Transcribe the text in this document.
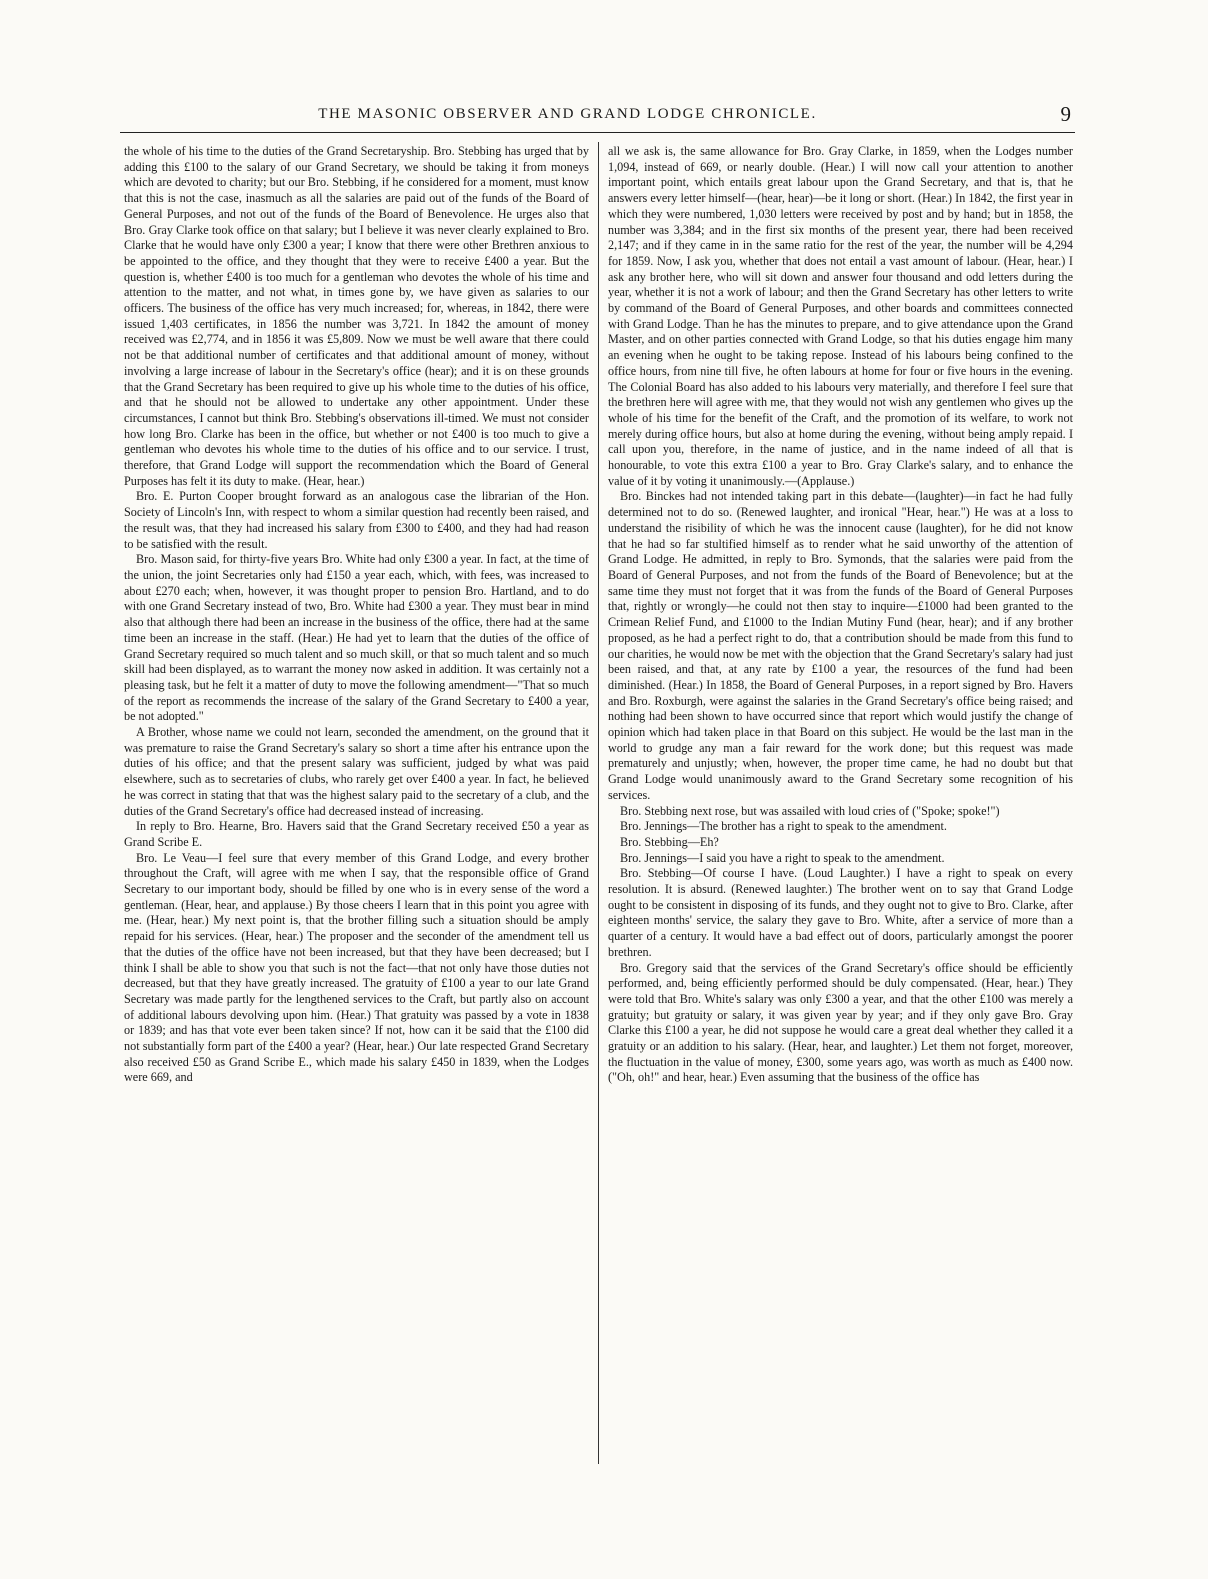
THE MASONIC OBSERVER AND GRAND LODGE CHRONICLE.	9

the whole of his time to the duties of the Grand Secretaryship. Bro. Stebbing has urged that by adding this £100 to the salary of our Grand Secretary, we should be taking it from moneys which are devoted to charity; but our Bro. Stebbing, if he considered for a moment, must know that this is not the case, inasmuch as all the salaries are paid out of the funds of the Board of General Purposes, and not out of the funds of the Board of Benevolence. He urges also that Bro. Gray Clarke took office on that salary; but I believe it was never clearly explained to Bro. Clarke that he would have only £300 a year; I know that there were other Brethren anxious to be appointed to the office, and they thought that they were to receive £400 a year. But the question is, whether £400 is too much for a gentleman who devotes the whole of his time and attention to the matter, and not what, in times gone by, we have given as salaries to our officers. The business of the office has very much increased; for, whereas, in 1842, there were issued 1,403 certificates, in 1856 the number was 3,721. In 1842 the amount of money received was £2,774, and in 1856 it was £5,809. Now we must be well aware that there could not be that additional number of certificates and that additional amount of money, without involving a large increase of labour in the Secretary's office (hear); and it is on these grounds that the Grand Secretary has been required to give up his whole time to the duties of his office, and that he should not be allowed to undertake any other appointment. Under these circumstances, I cannot but think Bro. Stebbing's observations ill-timed. We must not consider how long Bro. Clarke has been in the office, but whether or not £400 is too much to give a gentleman who devotes his whole time to the duties of his office and to our service. I trust, therefore, that Grand Lodge will support the recommendation which the Board of General Purposes has felt it its duty to make. (Hear, hear.)

Bro. E. Purton Cooper brought forward as an analogous case the librarian of the Hon. Society of Lincoln's Inn, with respect to whom a similar question had recently been raised, and the result was, that they had increased his salary from £300 to £400, and they had had reason to be satisfied with the result.

Bro. Mason said, for thirty-five years Bro. White had only £300 a year. In fact, at the time of the union, the joint Secretaries only had £150 a year each, which, with fees, was increased to about £270 each; when, however, it was thought proper to pension Bro. Hartland, and to do with one Grand Secretary instead of two, Bro. White had £300 a year. They must bear in mind also that although there had been an increase in the business of the office, there had at the same time been an increase in the staff. (Hear.) He had yet to learn that the duties of the office of Grand Secretary required so much talent and so much skill, or that so much talent and so much skill had been displayed, as to warrant the money now asked in addition. It was certainly not a pleasing task, but he felt it a matter of duty to move the following amendment—"That so much of the report as recommends the increase of the salary of the Grand Secretary to £400 a year, be not adopted."

A Brother, whose name we could not learn, seconded the amendment, on the ground that it was premature to raise the Grand Secretary's salary so short a time after his entrance upon the duties of his office; and that the present salary was sufficient, judged by what was paid elsewhere, such as to secretaries of clubs, who rarely get over £400 a year. In fact, he believed he was correct in stating that that was the highest salary paid to the secretary of a club, and the duties of the Grand Secretary's office had decreased instead of increasing.

In reply to Bro. Hearne, Bro. Havers said that the Grand Secretary received £50 a year as Grand Scribe E.

Bro. Le Veau—I feel sure that every member of this Grand Lodge, and every brother throughout the Craft, will agree with me when I say, that the responsible office of Grand Secretary to our important body, should be filled by one who is in every sense of the word a gentleman. (Hear, hear, and applause.) By those cheers I learn that in this point you agree with me. (Hear, hear.) My next point is, that the brother filling such a situation should be amply repaid for his services. (Hear, hear.) The proposer and the seconder of the amendment tell us that the duties of the office have not been increased, but that they have been decreased; but I think I shall be able to show you that such is not the fact—that not only have those duties not decreased, but that they have greatly increased. The gratuity of £100 a year to our late Grand Secretary was made partly for the lengthened services to the Craft, but partly also on account of additional labours devolving upon him. (Hear.) That gratuity was passed by a vote in 1838 or 1839; and has that vote ever been taken since? If not, how can it be said that the £100 did not substantially form part of the £400 a year? (Hear, hear.) Our late respected Grand Secretary also received £50 as Grand Scribe E., which made his salary £450 in 1839, when the Lodges were 669, and

all we ask is, the same allowance for Bro. Gray Clarke, in 1859, when the Lodges number 1,094, instead of 669, or nearly double. (Hear.) I will now call your attention to another important point, which entails great labour upon the Grand Secretary, and that is, that he answers every letter himself—(hear, hear)—be it long or short. (Hear.) In 1842, the first year in which they were numbered, 1,030 letters were received by post and by hand; but in 1858, the number was 3,384; and in the first six months of the present year, there had been received 2,147; and if they came in in the same ratio for the rest of the year, the number will be 4,294 for 1859. Now, I ask you, whether that does not entail a vast amount of labour. (Hear, hear.) I ask any brother here, who will sit down and answer four thousand and odd letters during the year, whether it is not a work of labour; and then the Grand Secretary has other letters to write by command of the Board of General Purposes, and other boards and committees connected with Grand Lodge. Than he has the minutes to prepare, and to give attendance upon the Grand Master, and on other parties connected with Grand Lodge, so that his duties engage him many an evening when he ought to be taking repose. Instead of his labours being confined to the office hours, from nine till five, he often labours at home for four or five hours in the evening. The Colonial Board has also added to his labours very materially, and therefore I feel sure that the brethren here will agree with me, that they would not wish any gentlemen who gives up the whole of his time for the benefit of the Craft, and the promotion of its welfare, to work not merely during office hours, but also at home during the evening, without being amply repaid. I call upon you, therefore, in the name of justice, and in the name indeed of all that is honourable, to vote this extra £100 a year to Bro. Gray Clarke's salary, and to enhance the value of it by voting it unanimously.—(Applause.)

Bro. Binckes had not intended taking part in this debate—(laughter)—in fact he had fully determined not to do so. (Renewed laughter, and ironical "Hear, hear.") He was at a loss to understand the risibility of which he was the innocent cause (laughter), for he did not know that he had so far stultified himself as to render what he said unworthy of the attention of Grand Lodge. He admitted, in reply to Bro. Symonds, that the salaries were paid from the Board of General Purposes, and not from the funds of the Board of Benevolence; but at the same time they must not forget that it was from the funds of the Board of General Purposes that, rightly or wrongly—he could not then stay to inquire—£1000 had been granted to the Crimean Relief Fund, and £1000 to the Indian Mutiny Fund (hear, hear); and if any brother proposed, as he had a perfect right to do, that a contribution should be made from this fund to our charities, he would now be met with the objection that the Grand Secretary's salary had just been raised, and that, at any rate by £100 a year, the resources of the fund had been diminished. (Hear.) In 1858, the Board of General Purposes, in a report signed by Bro. Havers and Bro. Roxburgh, were against the salaries in the Grand Secretary's office being raised; and nothing had been shown to have occurred since that report which would justify the change of opinion which had taken place in that Board on this subject. He would be the last man in the world to grudge any man a fair reward for the work done; but this request was made prematurely and unjustly; when, however, the proper time came, he had no doubt but that Grand Lodge would unanimously award to the Grand Secretary some recognition of his services.

Bro. Stebbing next rose, but was assailed with loud cries of ("Spoke; spoke!")

Bro. Jennings—The brother has a right to speak to the amendment.

Bro. Stebbing—Eh?

Bro. Jennings—I said you have a right to speak to the amendment.

Bro. Stebbing—Of course I have. (Loud Laughter.) I have a right to speak on every resolution. It is absurd. (Renewed laughter.) The brother went on to say that Grand Lodge ought to be consistent in disposing of its funds, and they ought not to give to Bro. Clarke, after eighteen months' service, the salary they gave to Bro. White, after a service of more than a quarter of a century. It would have a bad effect out of doors, particularly amongst the poorer brethren.

Bro. Gregory said that the services of the Grand Secretary's office should be efficiently performed, and, being efficiently performed should be duly compensated. (Hear, hear.) They were told that Bro. White's salary was only £300 a year, and that the other £100 was merely a gratuity; but gratuity or salary, it was given year by year; and if they only gave Bro. Gray Clarke this £100 a year, he did not suppose he would care a great deal whether they called it a gratuity or an addition to his salary. (Hear, hear, and laughter.) Let them not forget, moreover, the fluctuation in the value of money, £300, some years ago, was worth as much as £400 now. ("Oh, oh!" and hear, hear.) Even assuming that the business of the office has
